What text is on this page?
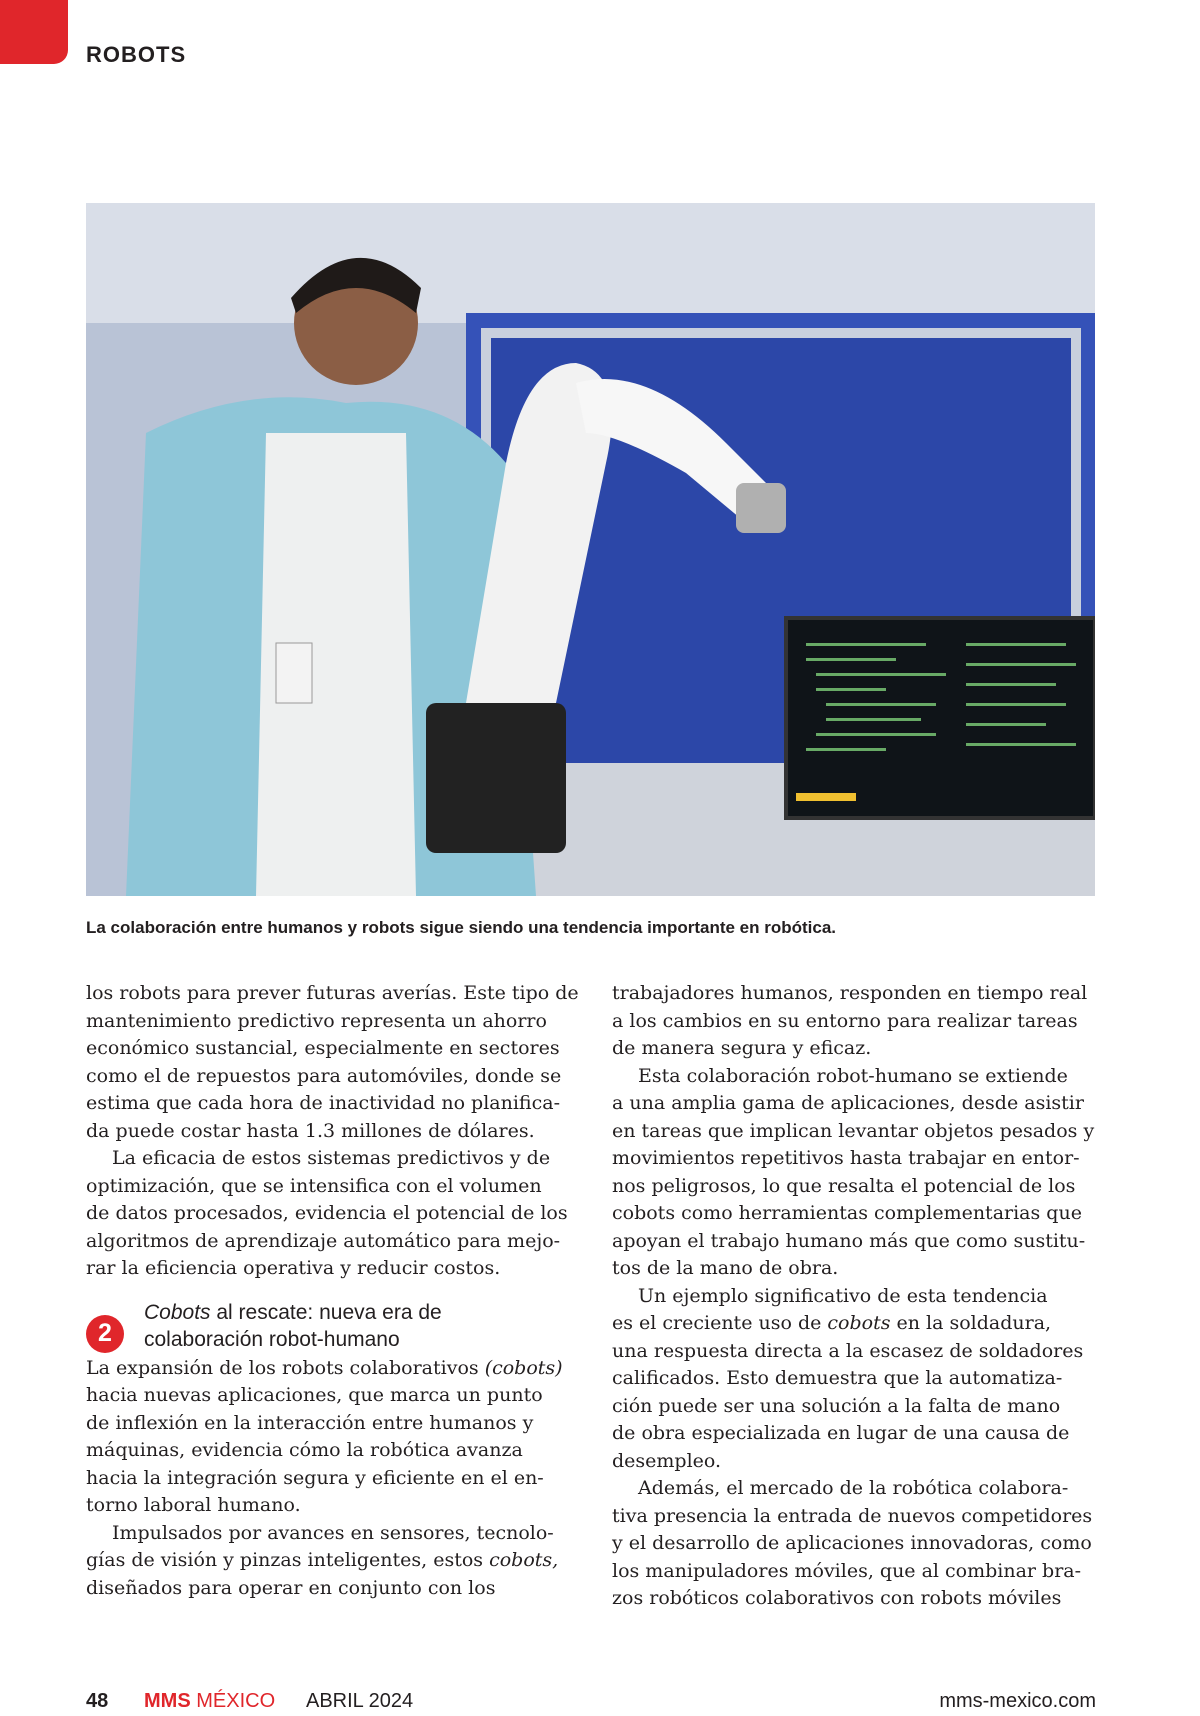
ROBOTS
La colaboración entre humanos y robots sigue siendo una tendencia importante en robótica.
los robots para prever futuras averías. Este tipo de
mantenimiento predictivo representa un ahorro
económico sustancial, especialmente en sectores
como el de repuestos para automóviles, donde se
estima que cada hora de inactividad no planifica-
da puede costar hasta 1.3 millones de dólares.
La eficacia de estos sistemas predictivos y de
optimización, que se intensifica con el volumen
de datos procesados, evidencia el potencial de los
algoritmos de aprendizaje automático para mejo-
rar la eficiencia operativa y reducir costos.
2
Cobots al rescate: nueva era de
colaboración robot-humano
La expansión de los robots colaborativos (cobots)
hacia nuevas aplicaciones, que marca un punto
de inflexión en la interacción entre humanos y
máquinas, evidencia cómo la robótica avanza
hacia la integración segura y eficiente en el en-
torno laboral humano.
Impulsados por avances en sensores, tecnolo-
gías de visión y pinzas inteligentes, estos cobots,
diseñados para operar en conjunto con los
trabajadores humanos, responden en tiempo real
a los cambios en su entorno para realizar tareas
de manera segura y eficaz.
Esta colaboración robot-humano se extiende
a una amplia gama de aplicaciones, desde asistir
en tareas que implican levantar objetos pesados y
movimientos repetitivos hasta trabajar en entor-
nos peligrosos, lo que resalta el potencial de los
cobots como herramientas complementarias que
apoyan el trabajo humano más que como sustitu-
tos de la mano de obra.
Un ejemplo significativo de esta tendencia
es el creciente uso de cobots en la soldadura,
una respuesta directa a la escasez de soldadores
calificados. Esto demuestra que la automatiza-
ción puede ser una solución a la falta de mano
de obra especializada en lugar de una causa de
desempleo.
Además, el mercado de la robótica colabora-
tiva presencia la entrada de nuevos competidores
y el desarrollo de aplicaciones innovadoras, como
los manipuladores móviles, que al combinar bra-
zos robóticos colaborativos con robots móviles
48 MMS MÉXICO ABRIL 2024	mms-mexico.com
